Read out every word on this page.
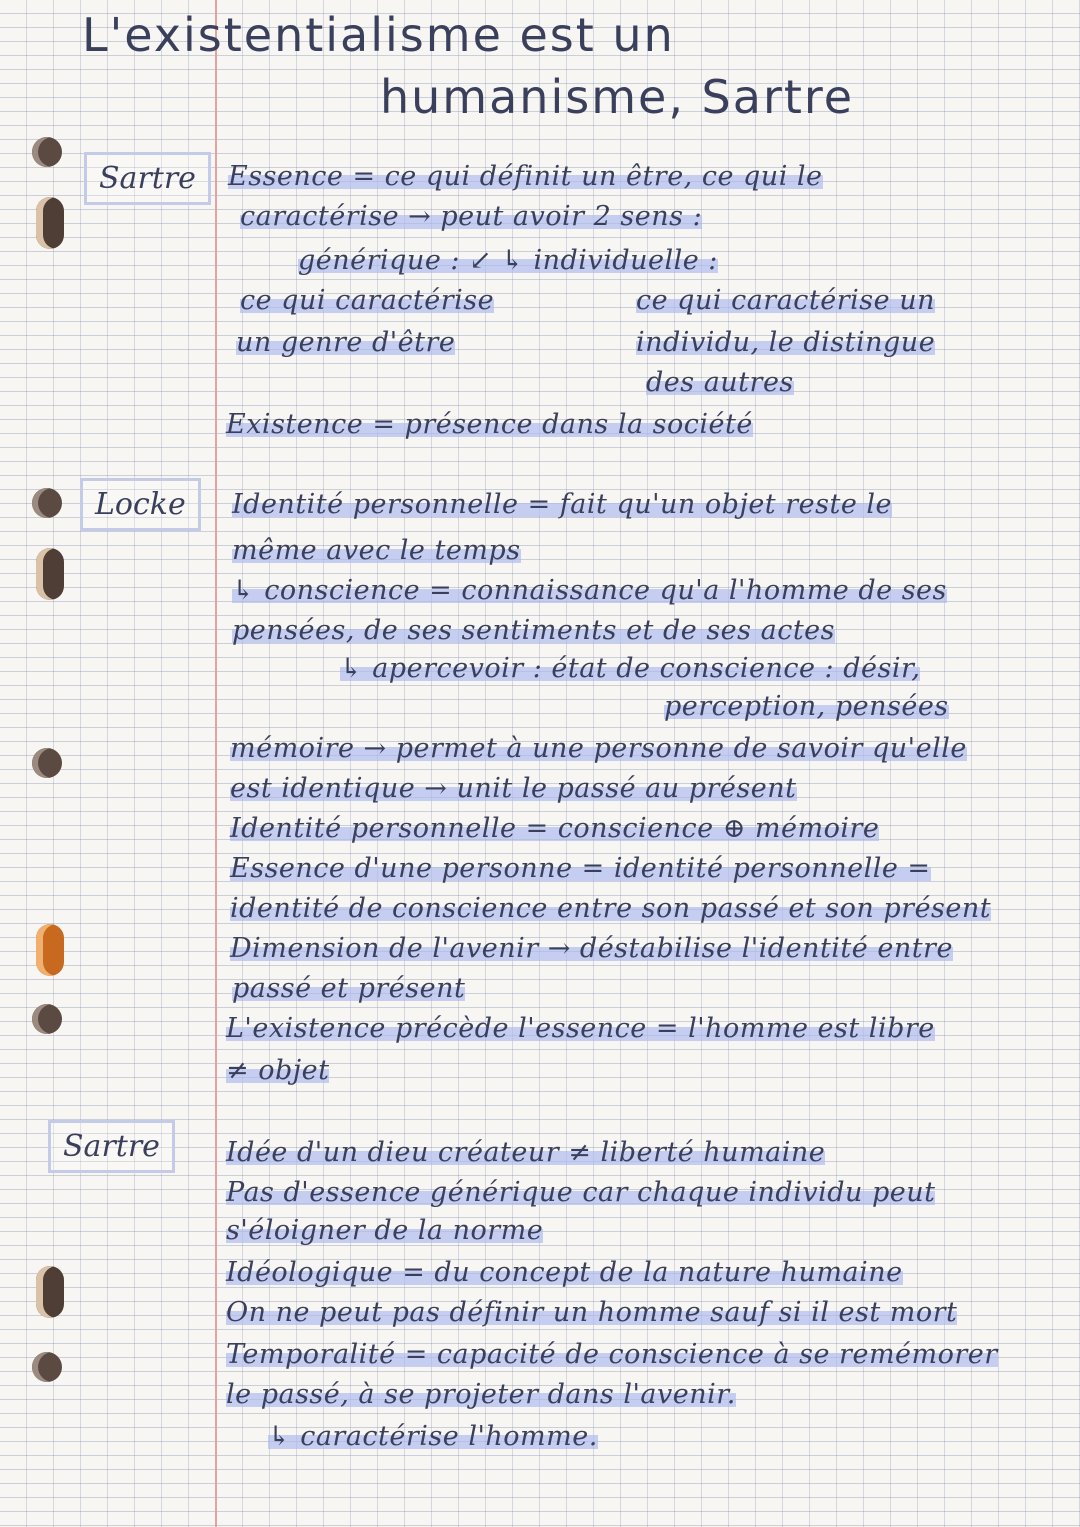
L'existentialisme est un
humanisme, Sartre
Sartre
Locke
Sartre
Essence = ce qui définit un être, ce qui le
caractérise → peut avoir 2 sens :
générique : ↙ ↳ individuelle :
ce qui caractérise
un genre d'être
ce qui caractérise un
individu, le distingue
des autres
Existence = présence dans la société
Identité personnelle = fait qu'un objet reste le
même avec le temps
↳ conscience = connaissance qu'a l'homme de ses
pensées, de ses sentiments et de ses actes
↳ apercevoir : état de conscience : désir,
perception, pensées
mémoire → permet à une personne de savoir qu'elle
est identique → unit le passé au présent
Identité personnelle = conscience ⊕ mémoire
Essence d'une personne = identité personnelle =
identité de conscience entre son passé et son présent
Dimension de l'avenir → déstabilise l'identité entre
passé et présent
L'existence précède l'essence = l'homme est libre
≠ objet
Idée d'un dieu créateur ≠ liberté humaine
Pas d'essence générique car chaque individu peut
s'éloigner de la norme
Idéologique = du concept de la nature humaine
On ne peut pas définir un homme sauf si il est mort
Temporalité = capacité de conscience à se remémorer
le passé, à se projeter dans l'avenir.
↳ caractérise l'homme.
